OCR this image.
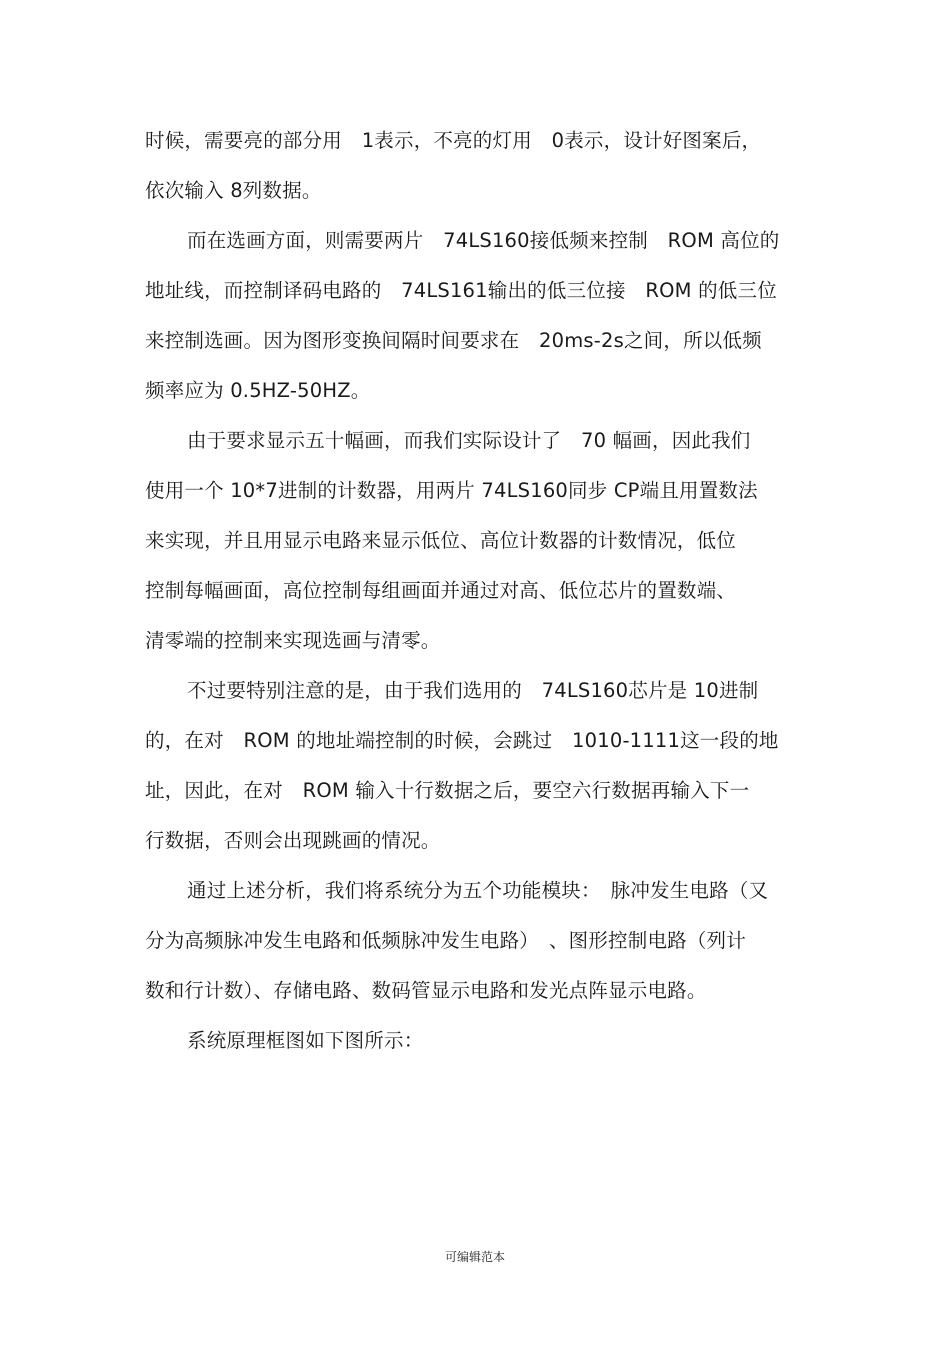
时候，需要亮的部分用　1表示，不亮的灯用　0表示，设计好图案后，
依次输入 8列数据。
而在选画方面，则需要两片　74LS160接低频来控制　ROM 高位的
地址线，而控制译码电路的　74LS161输出的低三位接　ROM 的低三位
来控制选画。因为图形变换间隔时间要求在　20ms-2s之间，所以低频
频率应为 0.5HZ-50HZ。
由于要求显示五十幅画，而我们实际设计了　70 幅画，因此我们
使用一个 10*7进制的计数器，用两片 74LS160同步 CP端且用置数法
来实现，并且用显示电路来显示低位、高位计数器的计数情况，低位
控制每幅画面，高位控制每组画面并通过对高、低位芯片的置数端、
清零端的控制来实现选画与清零。
不过要特别注意的是，由于我们选用的　74LS160芯片是 10进制
的，在对　ROM 的地址端控制的时候，会跳过　1010-1111这一段的地
址，因此，在对　ROM 输入十行数据之后，要空六行数据再输入下一
行数据，否则会出现跳画的情况。
通过上述分析，我们将系统分为五个功能模块：　脉冲发生电路（又
分为高频脉冲发生电路和低频脉冲发生电路）　、图形控制电路（列计
数和行计数）、存储电路、数码管显示电路和发光点阵显示电路。
系统原理框图如下图所示：
可编辑范本
